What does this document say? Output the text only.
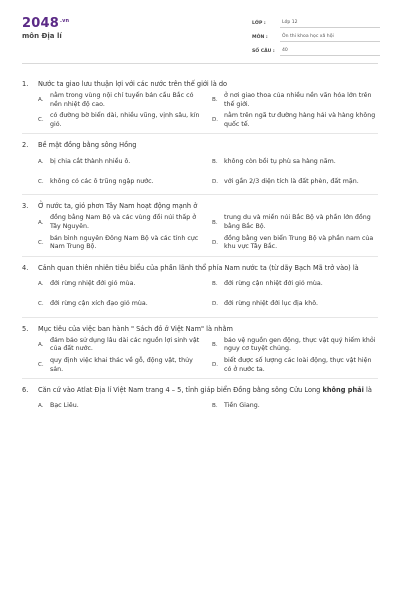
$2048^{.vn}$
môn Địa lí
LỚP :	Lớp 12
MÔN :	Ôn thi khoa học xã hội
SỐ CÂU :	40
1.	Nước ta giao lưu thuận lợi với các nước trên thế giới là do
A.
nằm trong vùng nội chí tuyến bán cầu Bắc có nền nhiệt độ cao.
B.
ở nơi giao thoa của nhiều nền văn hóa lớn trên thế giới.
C.
có đường bờ biển dài, nhiều vũng, vịnh sâu, kín gió.
D.
nằm trên ngã tư đường hàng hải và hàng không quốc tế.
2.	Bề mặt đồng bằng sông Hồng
A.	bị chia cắt thành nhiều ô.	B.	không còn bồi tụ phù sa hàng năm.
C.	không có các ô trũng ngập nước.	D. với gần 2/3 diện tích là đất phèn, đất mặn.
3.	Ở nước ta, gió phơn Tây Nam hoạt động mạnh ở
A.
đồng bằng Nam Bộ và các vùng đồi núi thấp ở Tây Nguyên.
B.
trung du và miền núi Bắc Bộ và phần lớn đồng bằng Bắc Bộ.
C.
bán bình nguyên Đông Nam Bộ và các tỉnh cực Nam Trung Bộ.
D.
đồng bằng ven biển Trung Bộ và phần nam của khu vực Tây Bắc.
4.	Cảnh quan thiên nhiên tiêu biểu của phần lãnh thổ phía Nam nước ta (từ dãy Bạch Mã trở vào) là
A.	đới rừng nhiệt đới gió mùa.	B.	đới rừng cận nhiệt đới gió mùa.
C.	đới rừng cận xích đạo gió mùa.	D. đới rừng nhiệt đới lục địa khô.
5.	Mục tiêu của việc ban hành " Sách đỏ ở Việt Nam" là nhằm
A.
đảm bảo sử dụng lâu dài các nguồn lợi sinh vật của đất nước.
B.
bảo vệ nguồn gen động, thực vật quý hiếm khỏi nguy cơ tuyệt chủng.
C.
quy định việc khai thác về gỗ, động vật, thủy sản.
D.
biết được số lượng các loài động, thực vật hiện có ở nước ta.
6.	Căn cứ vào Atlat Địa lí Việt Nam trang 4 – 5, tỉnh giáp biển Đồng bằng sông Cửu Long không phải là
A.	Bạc Liêu.	B.	Tiền Giang.
